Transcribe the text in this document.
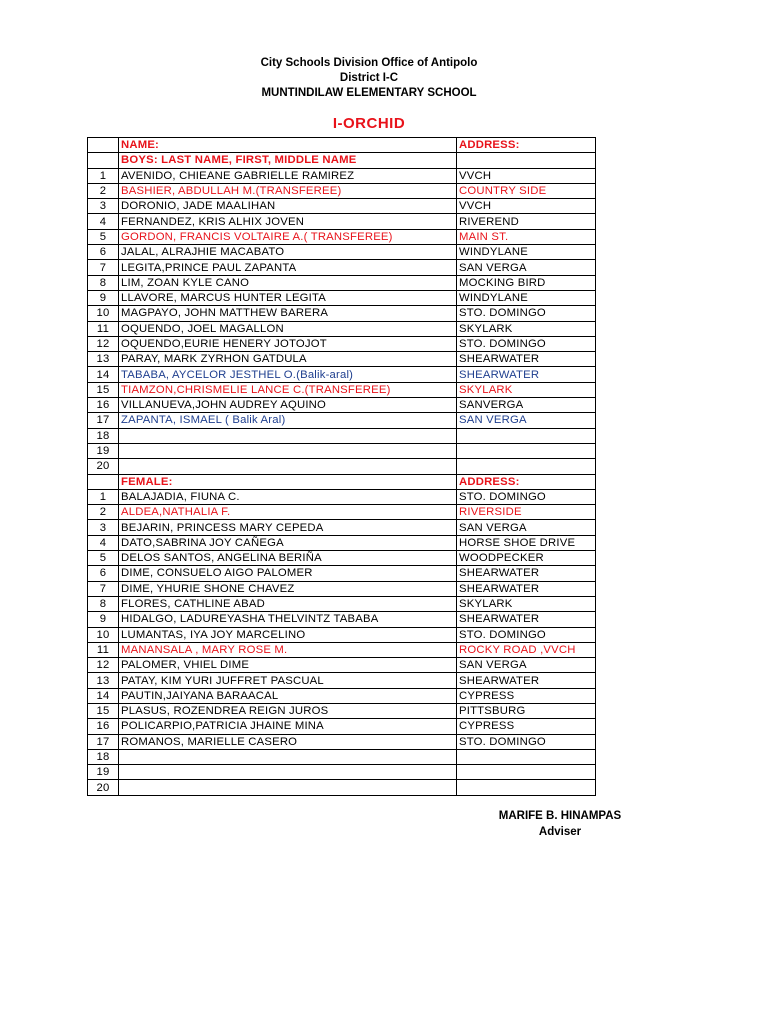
City Schools Division Office of Antipolo
District I-C
MUNTINDILAW ELEMENTARY SCHOOL
I-ORCHID
	NAME:	ADDRESS:
	BOYS: LAST NAME, FIRST, MIDDLE NAME	
1	AVENIDO, CHIEANE GABRIELLE RAMIREZ	VVCH
2	BASHIER, ABDULLAH M.(TRANSFEREE)	COUNTRY SIDE
3	DORONIO, JADE MAALIHAN	VVCH
4	FERNANDEZ, KRIS ALHIX JOVEN	RIVEREND
5	GORDON, FRANCIS VOLTAIRE A.( TRANSFEREE)	MAIN ST.
6	JALAL, ALRAJHIE MACABATO	WINDYLANE
7	LEGITA,PRINCE PAUL ZAPANTA	SAN VERGA
8	LIM, ZOAN KYLE CANO	MOCKING BIRD
9	LLAVORE, MARCUS HUNTER LEGITA	WINDYLANE
10	MAGPAYO, JOHN MATTHEW BARERA	STO. DOMINGO
11	OQUENDO, JOEL MAGALLON	SKYLARK
12	OQUENDO,EURIE HENERY JOTOJOT	STO. DOMINGO
13	PARAY, MARK ZYRHON GATDULA	SHEARWATER
14	TABABA, AYCELOR JESTHEL O.(Balik-aral)	SHEARWATER
15	TIAMZON,CHRISMELIE LANCE C.(TRANSFEREE)	SKYLARK
16	VILLANUEVA,JOHN AUDREY AQUINO	SANVERGA
17	ZAPANTA, ISMAEL ( Balik Aral)	SAN VERGA
18		
19		
20		
	FEMALE:	ADDRESS:
1	BALAJADIA, FIUNA C.	STO. DOMINGO
2	ALDEA,NATHALIA F.	RIVERSIDE
3	BEJARIN, PRINCESS MARY CEPEDA	SAN VERGA
4	DATO,SABRINA JOY CAÑEGA	HORSE SHOE DRIVE
5	DELOS SANTOS, ANGELINA BERIÑA	WOODPECKER
6	DIME, CONSUELO AIGO PALOMER	SHEARWATER
7	DIME, YHURIE SHONE CHAVEZ	SHEARWATER
8	FLORES, CATHLINE ABAD	SKYLARK
9	HIDALGO, LADUREYASHA THELVINTZ TABABA	SHEARWATER
10	LUMANTAS, IYA JOY MARCELINO	STO. DOMINGO
11	MANANSALA , MARY ROSE M.	ROCKY ROAD ,VVCH
12	PALOMER, VHIEL DIME	SAN VERGA
13	PATAY, KIM YURI JUFFRET PASCUAL	SHEARWATER
14	PAUTIN,JAIYANA BARAACAL	CYPRESS
15	PLASUS, ROZENDREA REIGN JUROS	PITTSBURG
16	POLICARPIO,PATRICIA JHAINE MINA	CYPRESS
17	ROMANOS, MARIELLE CASERO	STO. DOMINGO
18		
19		
20		
MARIFE B. HINAMPAS
Adviser
